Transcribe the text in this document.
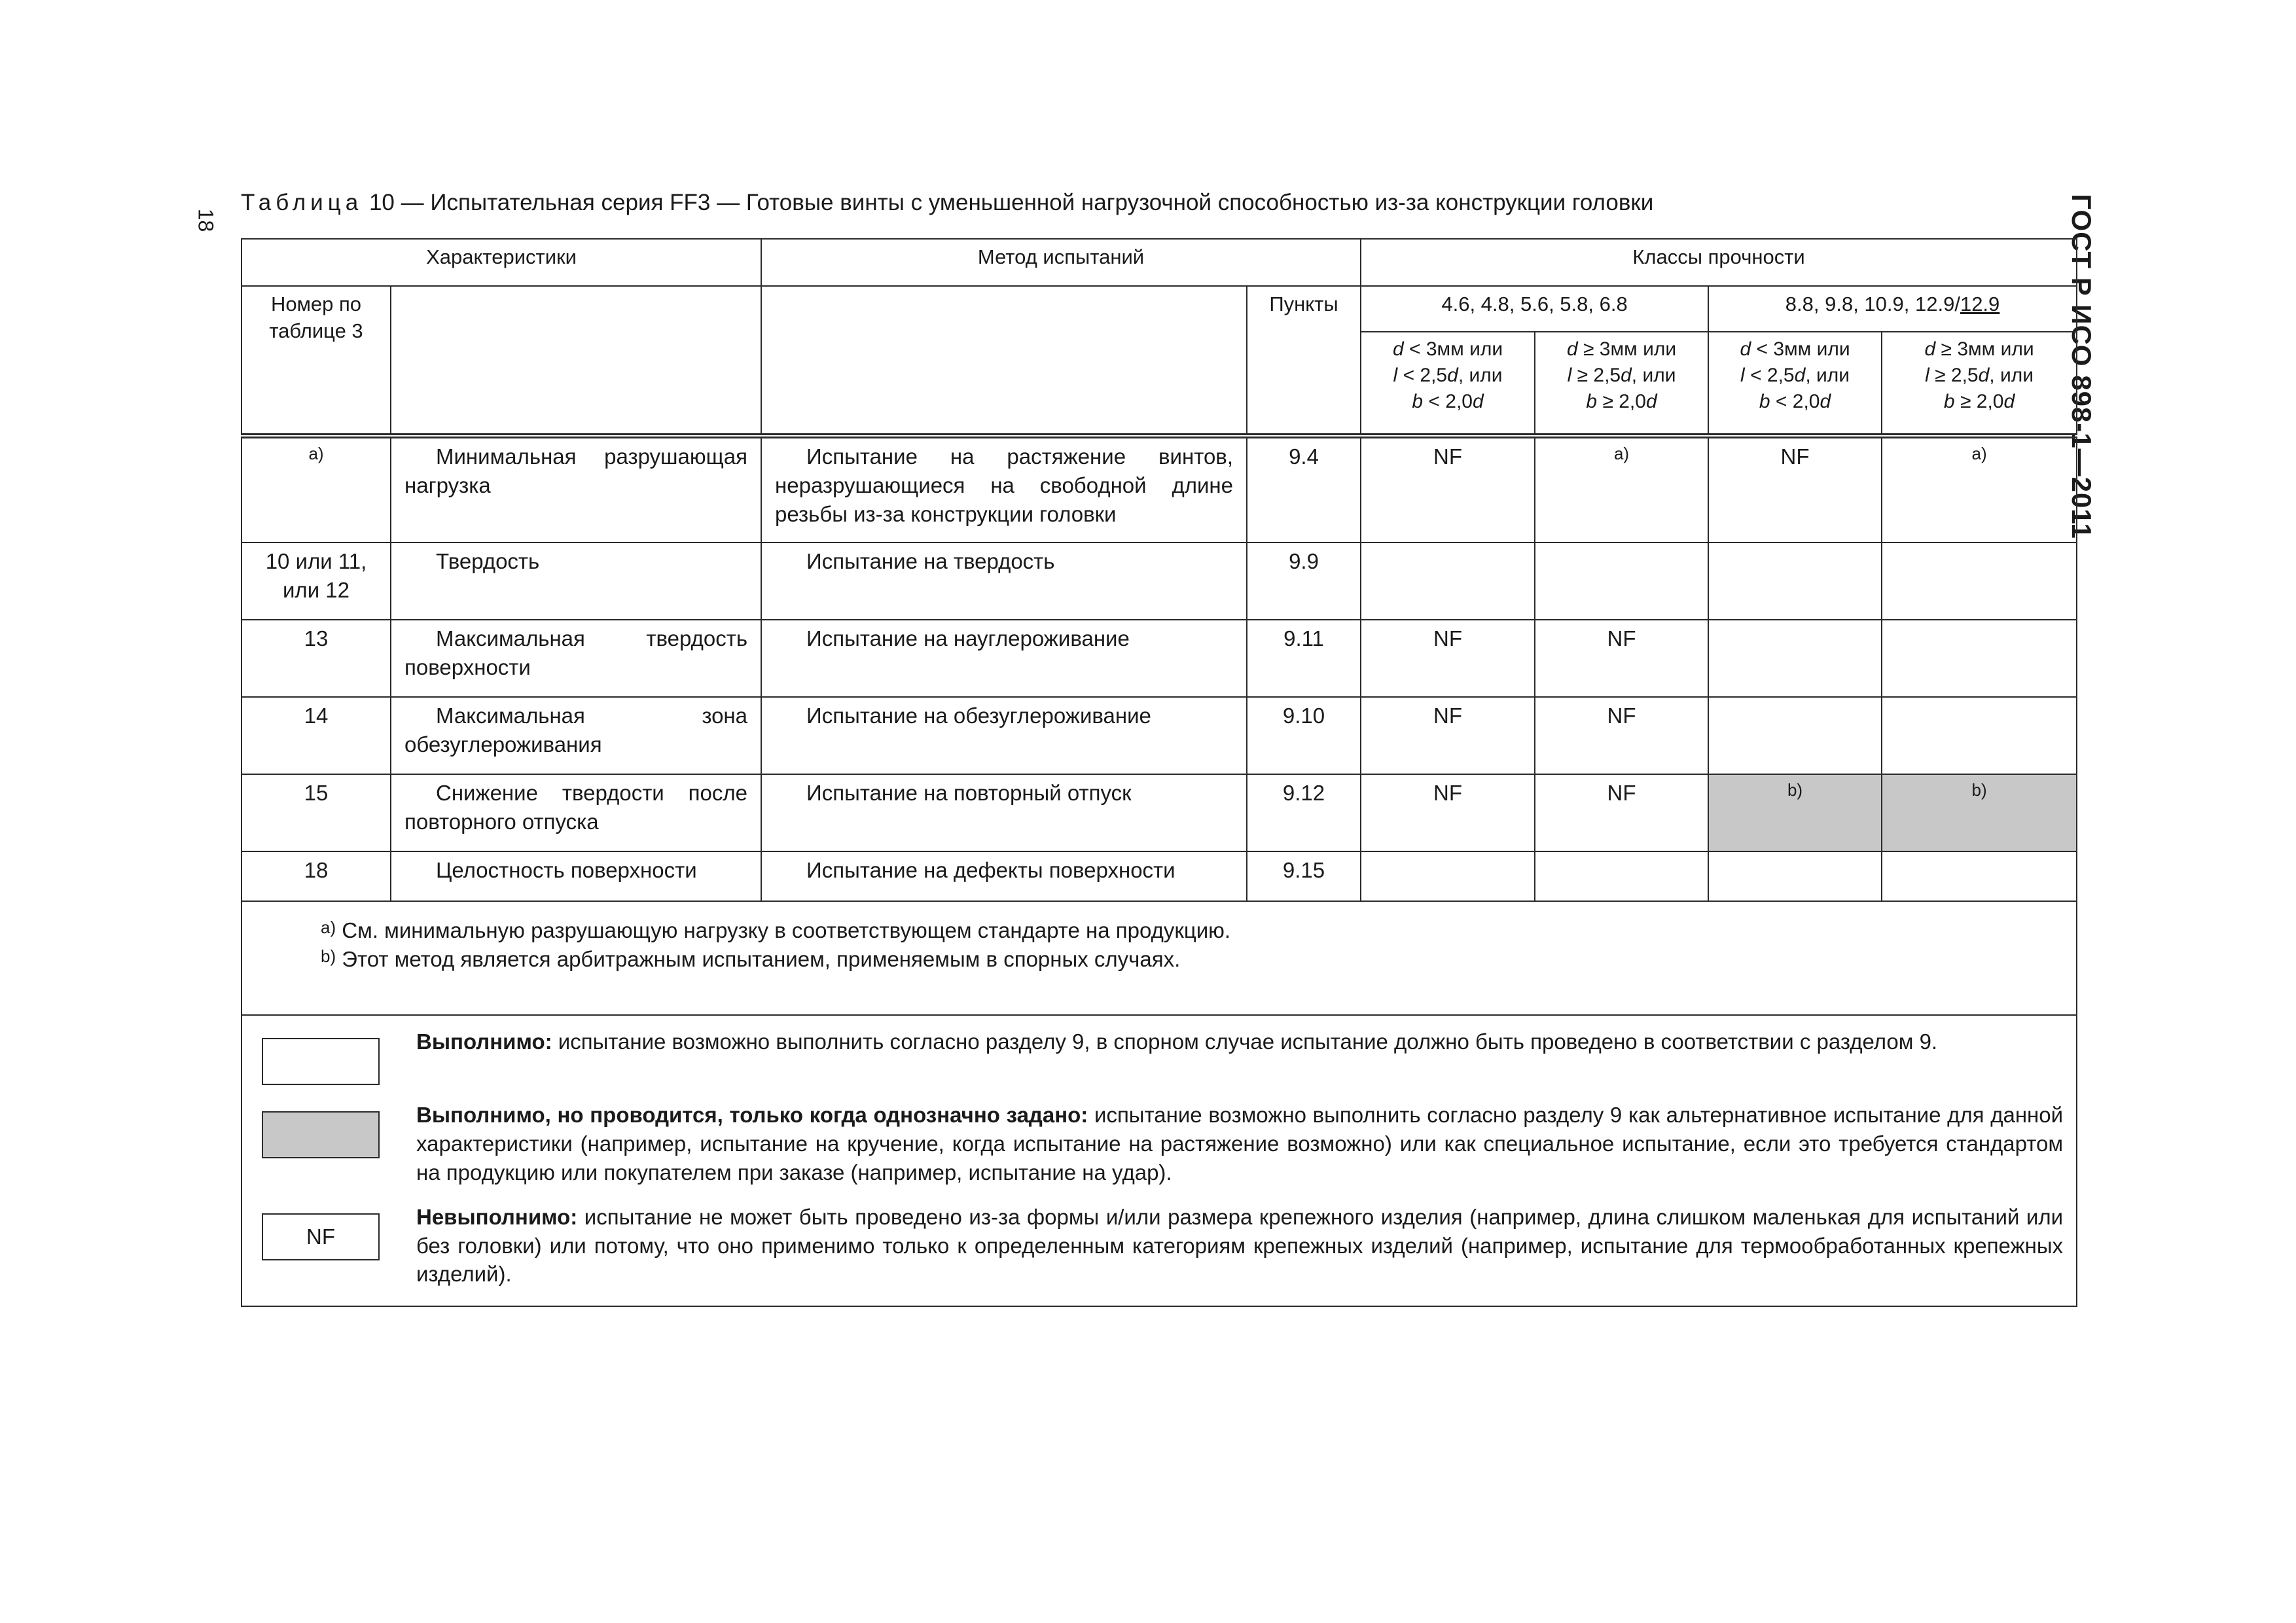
18	ГОСТ Р ИСО 898-1—2011
Таблица 10 — Испытательная серия FF3 — Готовые винты с уменьшенной нагрузочной способностью из-за конструкции головки
Характеристики		Метод испытаний		Классы прочности			
Номер по таблице 3			Пункты	4.6, 4.8, 5.6, 5.8, 6.8		8.8, 9.8, 10.9, 12.9/12.9	
				d < 3мм или
l < 2,5d, или
b < 2,0d	d ≥ 3мм или
l ≥ 2,5d, или
b ≥ 2,0d	d < 3мм или
l < 2,5d, или
b < 2,0d	d ≥ 3мм или
l ≥ 2,5d, или
b ≥ 2,0d
$^{a)}$	Минимальная разрушающая нагрузка	Испытание на растяжение винтов, неразрушающиеся на свободной длине резьбы из-за конструкции головки	9.4	NF	$^{a)}$	NF	$^{a)}$
10 или 11, или 12	Твердость	Испытание на твердость	9.9				
13	Максимальная твердость поверхности	Испытание на науглероживание	9.11	NF	NF		
14	Максимальная зона обезуглероживания	Испытание на обезуглероживание	9.10	NF	NF		
15	Снижение твердости после повторного отпуска	Испытание на повторный отпуск	9.12	NF	NF	$^{b)}$	$^{b)}$
18	Целостность поверхности	Испытание на дефекты поверхности	9.15				

$^{a)}$ См. минимальную разрушающую нагрузку в соответствующем стандарте на продукцию.
$^{b)}$ Этот метод является арбитражным испытанием, применяемым в спорных случаях.							

Выполнимо: испытание возможно выполнить согласно разделу 9, в спорном случае испытание должно быть проведено в соответствии с разделом 9.
Выполнимо, но проводится, только когда однозначно задано: испытание возможно выполнить согласно разделу 9 как альтернативное испытание для данной характеристики (например, испытание на кручение, когда испытание на растяжение возможно) или как специальное испытание, если это требуется стандартом на продукцию или покупателем при заказе (например, испытание на удар).
NF
Невыполнимо: испытание не может быть проведено из-за формы и/или размера крепежного изделия (например, длина слишком маленькая для испытаний или без головки) или потому, что оно применимо только к определенным категориям крепежных изделий (например, испытание для термообработанных крепежных изделий).							
